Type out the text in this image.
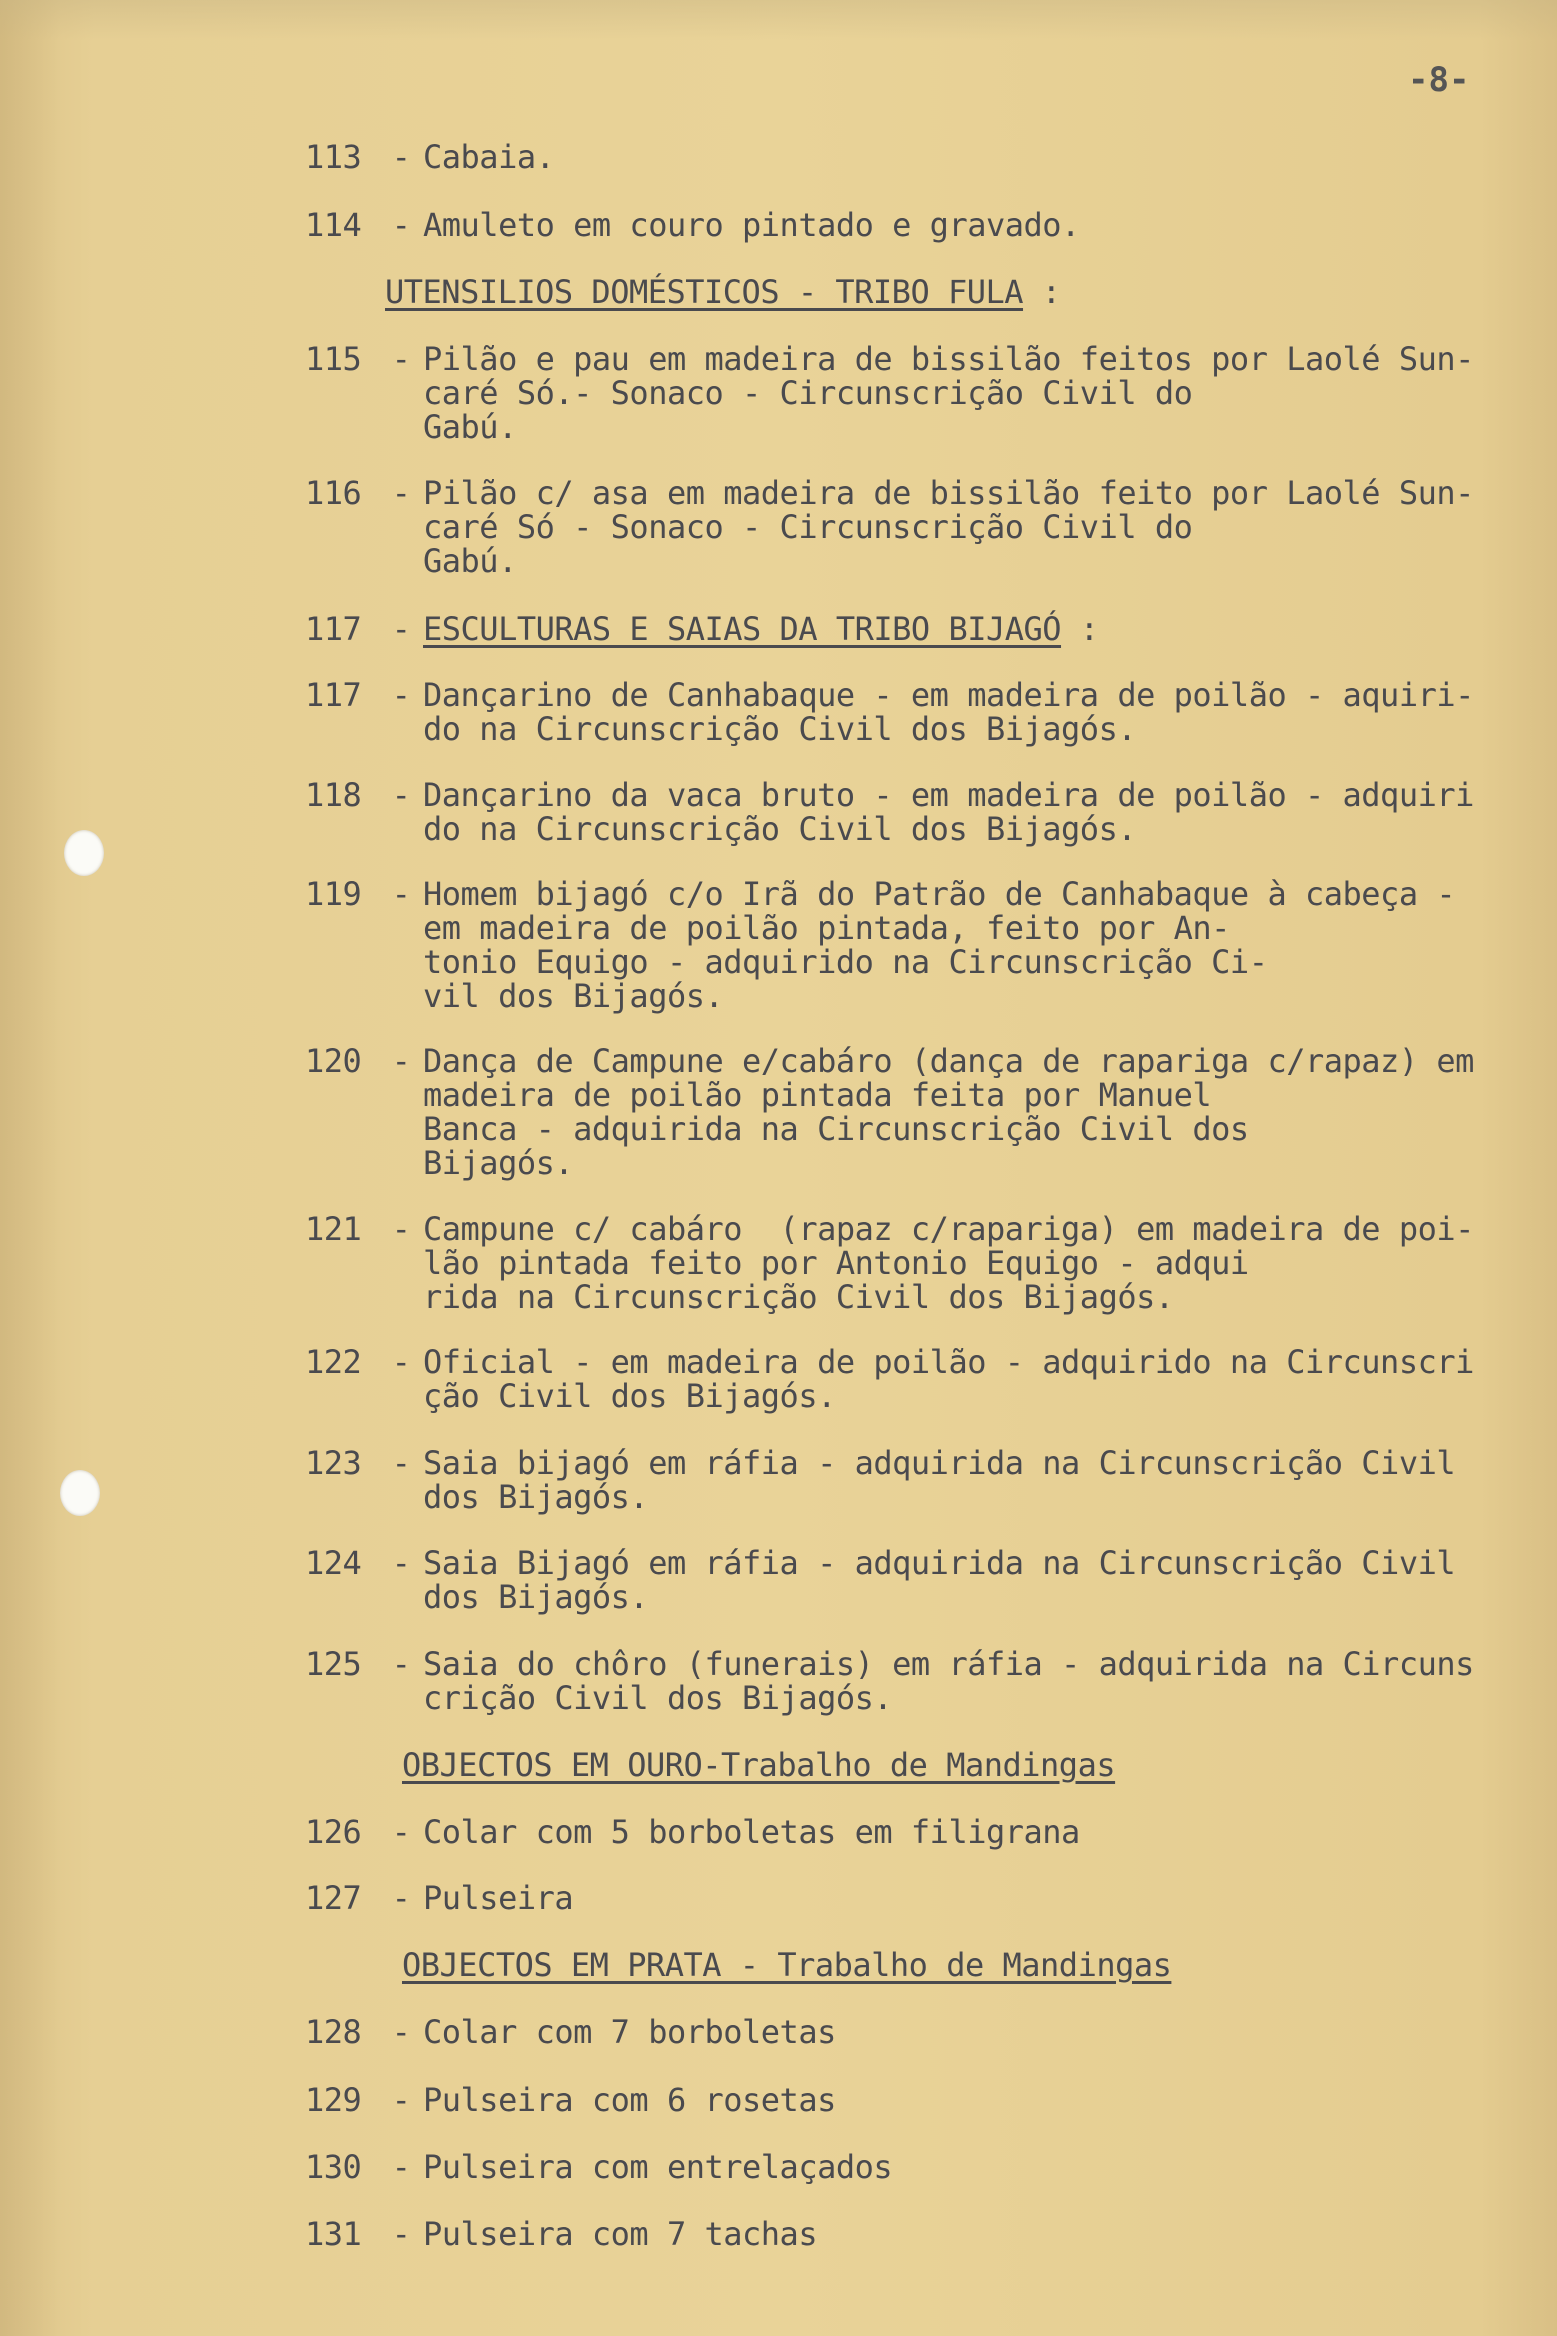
-8-
113 - Cabaia.
114 - Amuleto em couro pintado e gravado.
UTENSILIOS DOMÉSTICOS - TRIBO FULA :
115 - Pilão e pau em madeira de bissilão feitos por Laolé Sun-
caré Só.- Sonaco - Circunscrição Civil do
Gabú.
116 - Pilão c/ asa em madeira de bissilão feito por Laolé Sun-
caré Só - Sonaco - Circunscrição Civil do
Gabú.
117 - ESCULTURAS E SAIAS DA TRIBO BIJAGÓ :
117 - Dançarino de Canhabaque - em madeira de poilão - aquiri-
do na Circunscrição Civil dos Bijagós.
118 - Dançarino da vaca bruto - em madeira de poilão - adquiri
do na Circunscrição Civil dos Bijagós.
119 - Homem bijagó c/o Irã do Patrão de Canhabaque à cabeça -
em madeira de poilão pintada, feito por An-
tonio Equigo - adquirido na Circunscrição Ci-
vil dos Bijagós.
120 - Dança de Campune e/cabáro (dança de rapariga c/rapaz) em
madeira de poilão pintada feita por Manuel
Banca - adquirida na Circunscrição Civil dos
Bijagós.
121 - Campune c/ cabáro  (rapaz c/rapariga) em madeira de poi-
lão pintada feito por Antonio Equigo - adqui
rida na Circunscrição Civil dos Bijagós.
122 - Oficial - em madeira de poilão - adquirido na Circunscri
ção Civil dos Bijagós.
123 - Saia bijagó em ráfia - adquirida na Circunscrição Civil
dos Bijagós.
124 - Saia Bijagó em ráfia - adquirida na Circunscrição Civil
dos Bijagós.
125 - Saia do chôro (funerais) em ráfia - adquirida na Circuns
crição Civil dos Bijagós.
OBJECTOS EM OURO-Trabalho de Mandingas
126 - Colar com 5 borboletas em filigrana
127 - Pulseira
OBJECTOS EM PRATA - Trabalho de Mandingas
128 - Colar com 7 borboletas
129 - Pulseira com 6 rosetas
130 - Pulseira com entrelaçados
131 - Pulseira com 7 tachas
